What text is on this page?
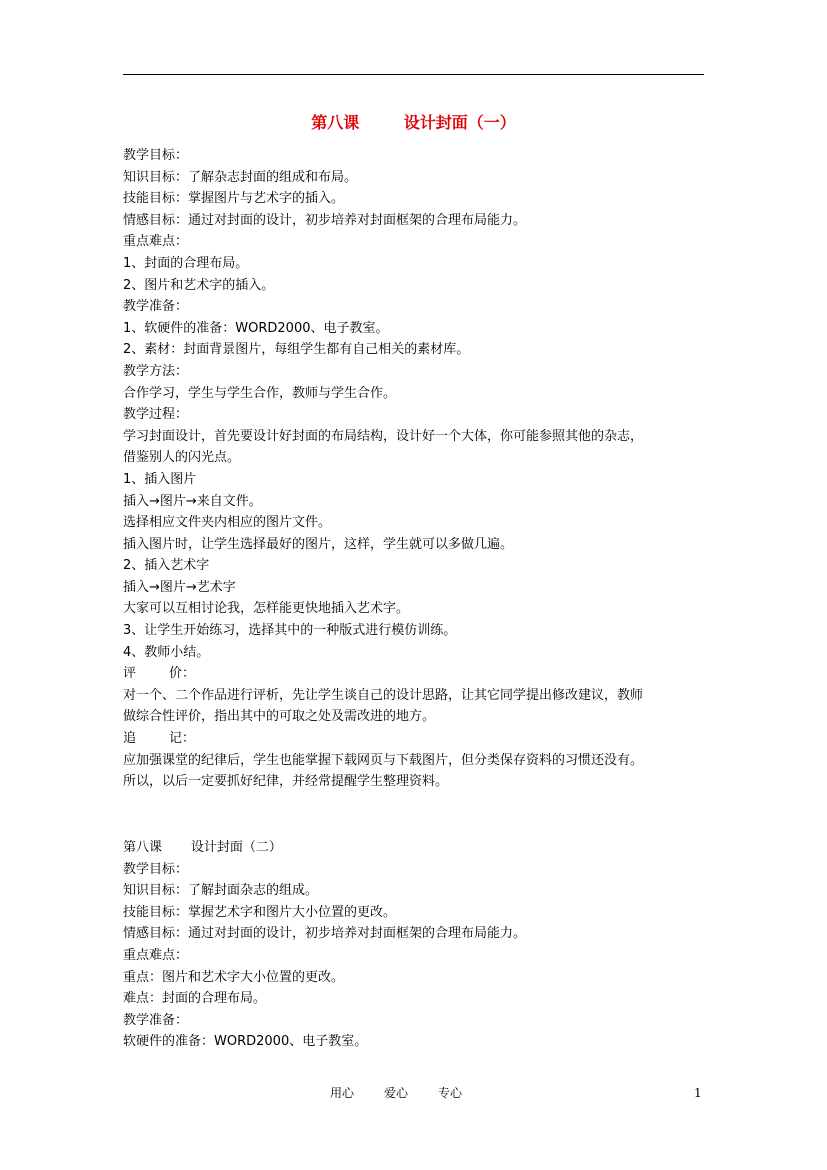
第八课        设计封面（一）
教学目标：
知识目标：了解杂志封面的组成和布局。
技能目标：掌握图片与艺术字的插入。
情感目标：通过对封面的设计，初步培养对封面框架的合理布局能力。
重点难点：
1、封面的合理布局。
2、图片和艺术字的插入。
教学准备：
1、软硬件的准备：WORD2000、电子教室。
2、素材：封面背景图片，每组学生都有自己相关的素材库。
教学方法：
合作学习，学生与学生合作，教师与学生合作。
教学过程：
学习封面设计，首先要设计好封面的布局结构，设计好一个大体，你可能参照其他的杂志，
借鉴别人的闪光点。
1、插入图片
插入→图片→来自文件。
选择相应文件夹内相应的图片文件。
插入图片时，让学生选择最好的图片，这样，学生就可以多做几遍。
2、插入艺术字
插入→图片→艺术字
大家可以互相讨论我，怎样能更快地插入艺术字。
3、让学生开始练习，选择其中的一种版式进行模仿训练。
4、教师小结。
评        价：
对一个、二个作品进行评析，先让学生谈自己的设计思路，让其它同学提出修改建议，教师
做综合性评价，指出其中的可取之处及需改进的地方。
追        记：
应加强课堂的纪律后，学生也能掌握下载网页与下载图片，但分类保存资料的习惯还没有。
所以，以后一定要抓好纪律，并经常提醒学生整理资料。
第八课       设计封面（二）
教学目标：
知识目标：了解封面杂志的组成。
技能目标：掌握艺术字和图片大小位置的更改。
情感目标：通过对封面的设计，初步培养对封面框架的合理布局能力。
重点难点：
重点：图片和艺术字大小位置的更改。
难点：封面的合理布局。
教学准备：
软硬件的准备：WORD2000、电子教室。
用心	爱心	专心	1
